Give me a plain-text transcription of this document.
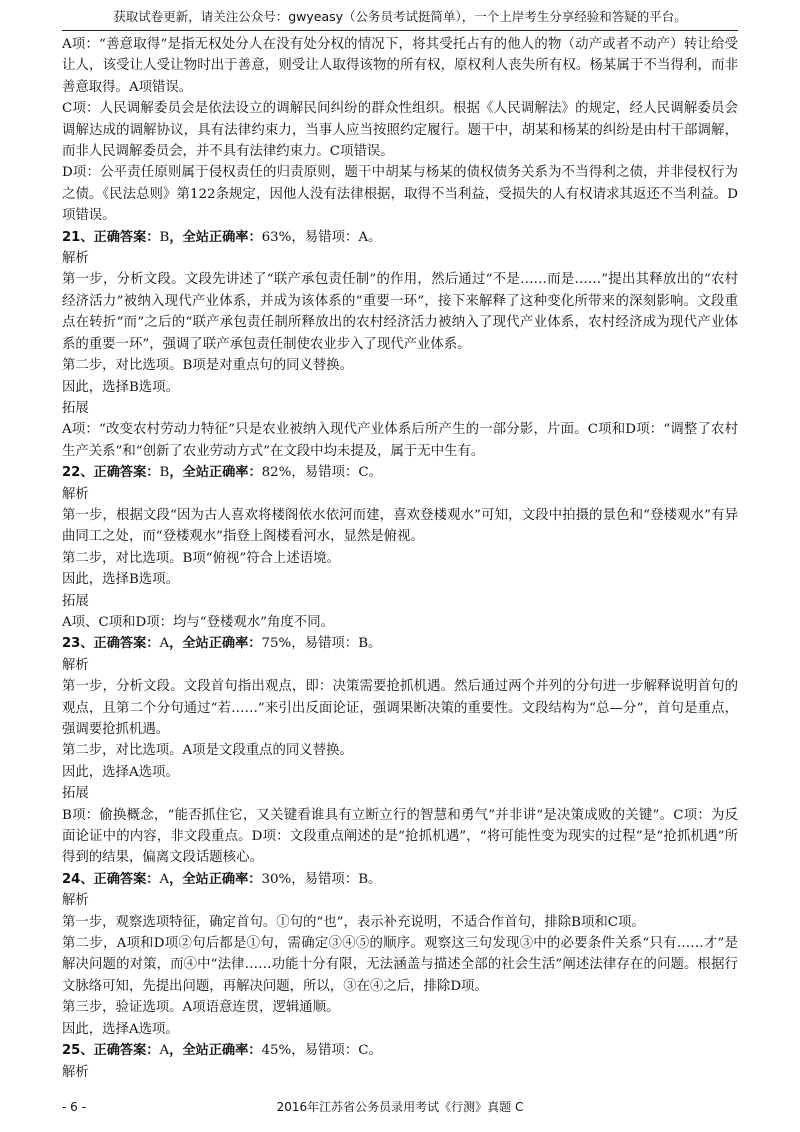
获取试卷更新，请关注公众号：gwyeasy（公务员考试挺简单），一个上岸考生分享经验和答疑的平台。

A项：“善意取得”是指无权处分人在没有处分权的情况下，将其受托占有的他人的物（动产或者不动产）转让给受让人，该受让人受让物时出于善意，则受让人取得该物的所有权，原权利人丧失所有权。杨某属于不当得利，而非善意取得。A项错误。

C项：人民调解委员会是依法设立的调解民间纠纷的群众性组织。根据《人民调解法》的规定，经人民调解委员会调解达成的调解协议，具有法律约束力，当事人应当按照约定履行。题干中，胡某和杨某的纠纷是由村干部调解，而非人民调解委员会，并不具有法律约束力。C项错误。

D项：公平责任原则属于侵权责任的归责原则，题干中胡某与杨某的债权债务关系为不当得利之债，并非侵权行为之债。《民法总则》第122条规定，因他人没有法律根据，取得不当利益，受损失的人有权请求其返还不当利益。D项错误。

21、正确答案：B，全站正确率：63%，易错项：A。

解析

第一步，分析文段。文段先讲述了“联产承包责任制”的作用，然后通过“不是……而是……”提出其释放出的“农村经济活力”被纳入现代产业体系，并成为该体系的“重要一环”，接下来解释了这种变化所带来的深刻影响。文段重点在转折“而”之后的“联产承包责任制所释放出的农村经济活力被纳入了现代产业体系，农村经济成为现代产业体系的重要一环”，强调了联产承包责任制使农业步入了现代产业体系。

第二步，对比选项。B项是对重点句的同义替换。

因此，选择B选项。

拓展

A项：“改变农村劳动力特征”只是农业被纳入现代产业体系后所产生的一部分影，片面。C项和D项：“调整了农村生产关系”和“创新了农业劳动方式”在文段中均未提及，属于无中生有。

22、正确答案：B，全站正确率：82%，易错项：C。

解析

第一步，根据文段“因为古人喜欢将楼阁依水依河而建，喜欢登楼观水”可知，文段中拍摄的景色和“登楼观水”有异曲同工之处，而“登楼观水”指登上阁楼看河水，显然是俯视。

第二步，对比选项。B项“俯视”符合上述语境。

因此，选择B选项。

拓展

A项、C项和D项：均与“登楼观水”角度不同。

23、正确答案：A，全站正确率：75%，易错项：B。

解析

第一步，分析文段。文段首句指出观点，即：决策需要抢抓机遇。然后通过两个并列的分句进一步解释说明首句的观点，且第二个分句通过“若……”来引出反面论证，强调果断决策的重要性。文段结构为“总—分”，首句是重点，强调要抢抓机遇。

第二步，对比选项。A项是文段重点的同义替换。

因此，选择A选项。

拓展

B项：偷换概念，“能否抓住它，又关键看谁具有立断立行的智慧和勇气”并非讲“是决策成败的关键”。C项：为反面论证中的内容，非文段重点。D项：文段重点阐述的是“抢抓机遇”，“将可能性变为现实的过程”是“抢抓机遇”所得到的结果，偏离文段话题核心。

24、正确答案：A，全站正确率：30%，易错项：B。

解析

第一步，观察选项特征，确定首句。①句的“也”，表示补充说明，不适合作首句，排除B项和C项。

第二步，A项和D项②句后都是①句，需确定③④⑤的顺序。观察这三句发现③中的必要条件关系“只有……才”是解决问题的对策，而④中“法律……功能十分有限，无法涵盖与描述全部的社会生活”阐述法律存在的问题。根据行文脉络可知，先提出问题，再解决问题，所以，③在④之后，排除D项。

第三步，验证选项。A项语意连贯，逻辑通顺。

因此，选择A选项。

25、正确答案：A，全站正确率：45%，易错项：C。

解析

- 6 -	2016年江苏省公务员录用考试《行测》真题 C
